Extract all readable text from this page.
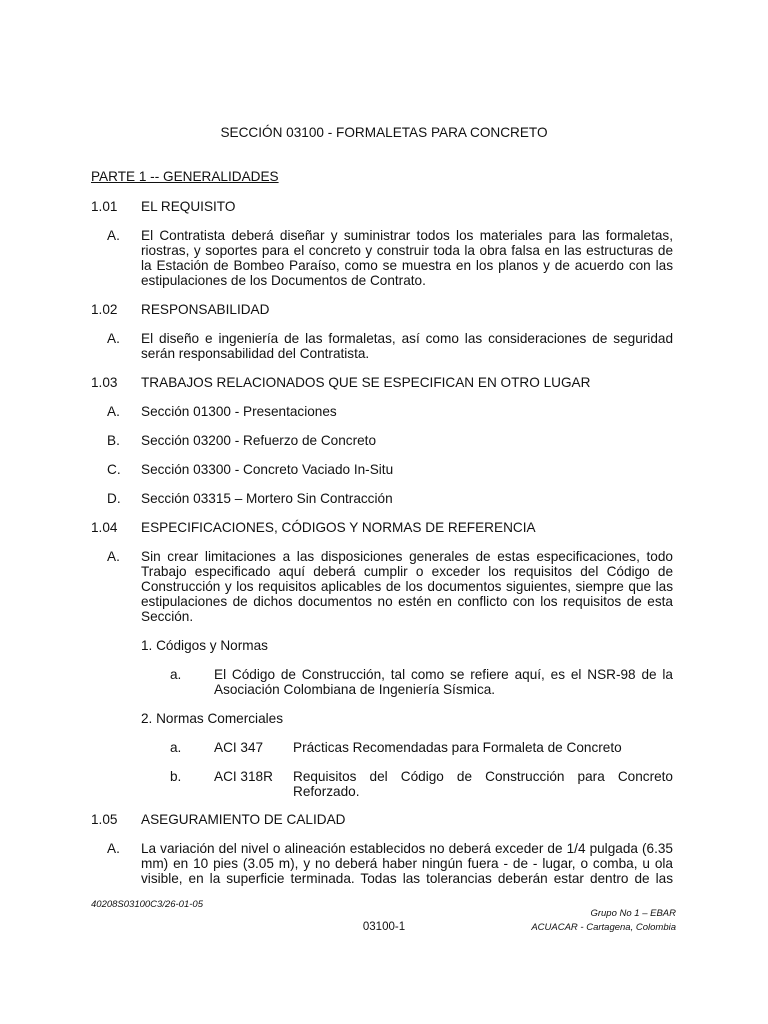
SECCIÓN 03100 - FORMALETAS PARA CONCRETO
PARTE 1 -- GENERALIDADES
1.01 EL REQUISITO
A. El Contratista deberá diseñar y suministrar todos los materiales para las formaletas, riostras, y soportes para el concreto y construir toda la obra falsa en las estructuras de la Estación de Bombeo Paraíso, como se muestra en los planos y de acuerdo con las estipulaciones de los Documentos de Contrato.
1.02 RESPONSABILIDAD
A. El diseño e ingeniería de las formaletas, así como las consideraciones de seguridad serán responsabilidad del Contratista.
1.03 TRABAJOS RELACIONADOS QUE SE ESPECIFICAN EN OTRO LUGAR
A. Sección 01300 - Presentaciones
B. Sección 03200 - Refuerzo de Concreto
C. Sección 03300 - Concreto Vaciado In-Situ
D. Sección 03315 – Mortero Sin Contracción
1.04 ESPECIFICACIONES, CÓDIGOS Y NORMAS DE REFERENCIA
A. Sin crear limitaciones a las disposiciones generales de estas especificaciones, todo Trabajo especificado aquí deberá cumplir o exceder los requisitos del Código de Construcción y los requisitos aplicables de los documentos siguientes, siempre que las estipulaciones de dichos documentos no estén en conflicto con los requisitos de esta Sección.
1. Códigos y Normas
a. El Código de Construcción, tal como se refiere aquí, es el NSR-98 de la Asociación Colombiana de Ingeniería Sísmica.
2. Normas Comerciales
a. ACI 347 Prácticas Recomendadas para Formaleta de Concreto
b. ACI 318R Requisitos del Código de Construcción para Concreto Reforzado.
1.05 ASEGURAMIENTO DE CALIDAD
A. La variación del nivel o alineación establecidos no deberá exceder de 1/4 pulgada (6.35 mm) en 10 pies (3.05 m), y no deberá haber ningún fuera - de - lugar, o comba, u ola visible, en la superficie terminada. Todas las tolerancias deberán estar dentro de las
40208S03100C3/26-01-05
03100-1
Grupo No 1 – EBAR
ACUACAR - Cartagena, Colombia
